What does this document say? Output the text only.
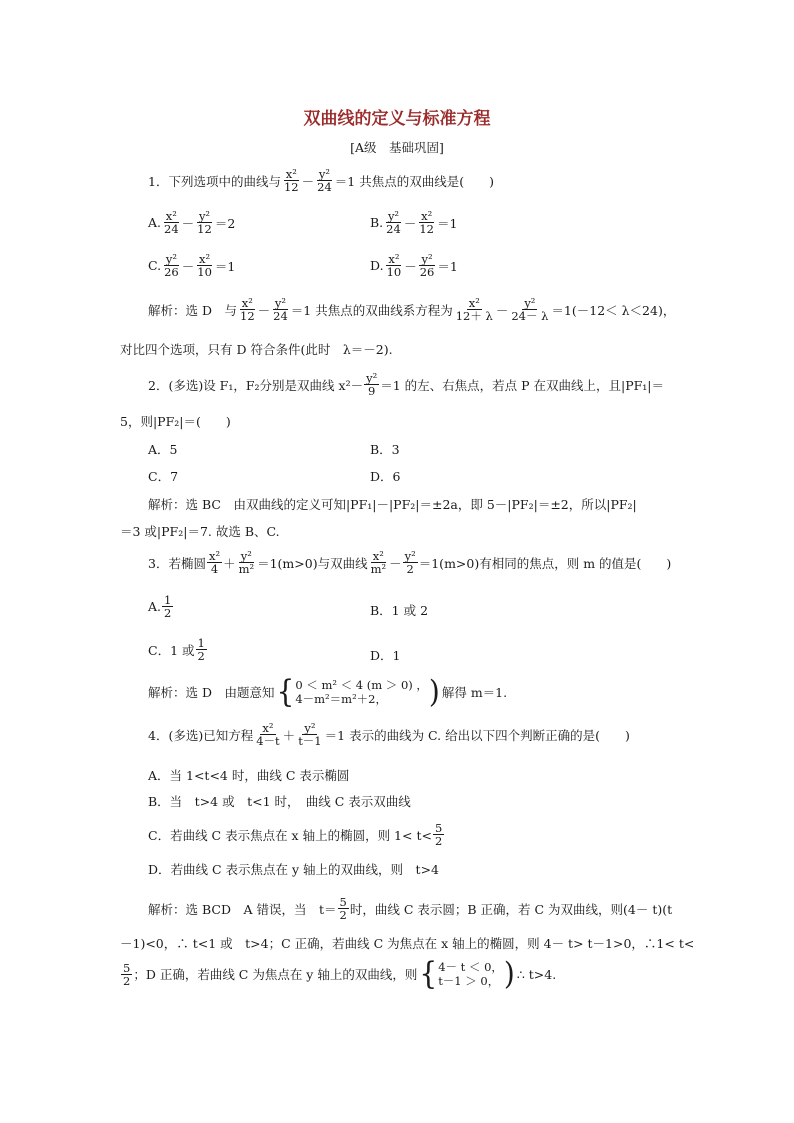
双曲线的定义与标准方程
[A级　基础巩固]
1．下列选项中的曲线与 $\frac{\text{x²}}{12} - \frac{\text{y²}}{24} =1$ 共焦点的双曲线是(　　)
A. $\frac{\text{x²}}{24} - \frac{\text{y²}}{12} =2$	B. $\frac{\text{y²}}{24} - \frac{\text{x²}}{12} =1$
C. $\frac{\text{y²}}{26} - \frac{\text{x²}}{10} =1$	D. $\frac{\text{x²}}{10} - \frac{\text{y²}}{26} =1$
解析：选 D　与 $\frac{\text{x²}}{12} - \frac{\text{y²}}{24} =1$ 共焦点的双曲线系方程为 $\frac{\text{x²}}{12+ \lambda} - \frac{\text{y²}}{24- \lambda} =1(-12< \lambda<24)$，
对比四个选项，只有 D 符合条件(此时　λ＝－2).
2．(多选)设 F₁，F₂分别是双曲线 $x^2- \frac{\text{y²}}{9} =1$ 的左、右焦点，若点 P 在双曲线上，且|PF₁|＝
5，则|PF₂|＝(　　)
A．5	B．3
C．7	D．6
解析：选 BC　由双曲线的定义可知|PF₁|－|PF₂|＝±2a，即 5－|PF₂|＝±2，所以|PF₂|
＝3 或|PF₂|＝7. 故选 B、C.
3．若椭圆 $\frac{\text{x²}}{4} + \frac{\text{y²}}{\text{m²}} =1(m>0)$与双曲线 $\frac{\text{x²}}{\text{m²}} - \frac{\text{y²}}{2} =1(m>0)$有相同的焦点，则 m 的值是(　　)
A. $\frac{1}{2}$	B．1 或 2
C．1 或 $\frac{1}{2}$	D．1
解析：选 D　由题意知 { 0 ＜ m² ＜ 4 (m ＞ 0) ，
4－m²＝m²＋2，	) 解得 m＝1.
4．(多选)已知方程 $\frac{\text{x²}}{4-t} + \frac{\text{y²}}{t-1} =1$ 表示的曲线为 C. 给出以下四个判断正确的是(　　)
A．当 1<t<4 时，曲线 C 表示椭圆
B．当　t>4 或　t<1 时，　曲线 C 表示双曲线
C．若曲线 C 表示焦点在 x 轴上的椭圆，则 $1< t< \frac{5}{2}$
D．若曲线 C 表示焦点在 y 轴上的双曲线，则　t>4
解析：选 BCD　A 错误，当　$t= \frac{5}{2}$ 时，曲线 C 表示圆；B 正确，若 C 为双曲线，则(4－ t)(t
－1)<0，∴ t<1 或　t>4；C 正确，若曲线 C 为焦点在 x 轴上的椭圆，则 4－ t> t－1>0，∴1< t<
$\frac{5}{2}$ ；D 正确，若曲线 C 为焦点在 y 轴上的双曲线，则 { 4－ t ＜ 0，
t－1 ＞ 0， ) ∴ t>4.
